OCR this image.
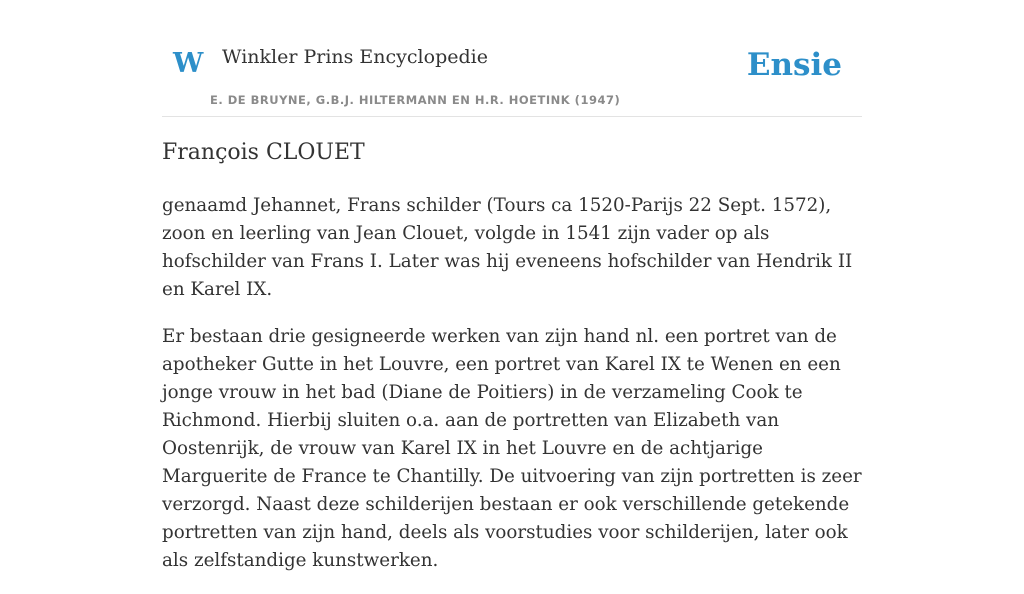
W Winkler Prins Encyclopedie
E. DE BRUYNE, G.B.J. HILTERMANN EN H.R. HOETINK (1947)
Ensie
François CLOUET

genaamd Jehannet, Frans schilder (Tours ca 1520-Parijs 22 Sept. 1572), zoon en leerling van Jean Clouet, volgde in 1541 zijn vader op als hofschilder van Frans I. Later was hij eveneens hofschilder van Hendrik II en Karel IX.

Er bestaan drie gesigneerde werken van zijn hand nl. een portret van de apotheker Gutte in het Louvre, een portret van Karel IX te Wenen en een jonge vrouw in het bad (Diane de Poitiers) in de verzameling Cook te Richmond. Hierbij sluiten o.a. aan de portretten van Elizabeth van Oostenrijk, de vrouw van Karel IX in het Louvre en de achtjarige Marguerite de France te Chantilly. De uitvoering van zijn portretten is zeer verzorgd. Naast deze schilderijen bestaan er ook verschillende getekende portretten van zijn hand, deels als voorstudies voor schilderijen, later ook als zelfstandige kunstwerken.
